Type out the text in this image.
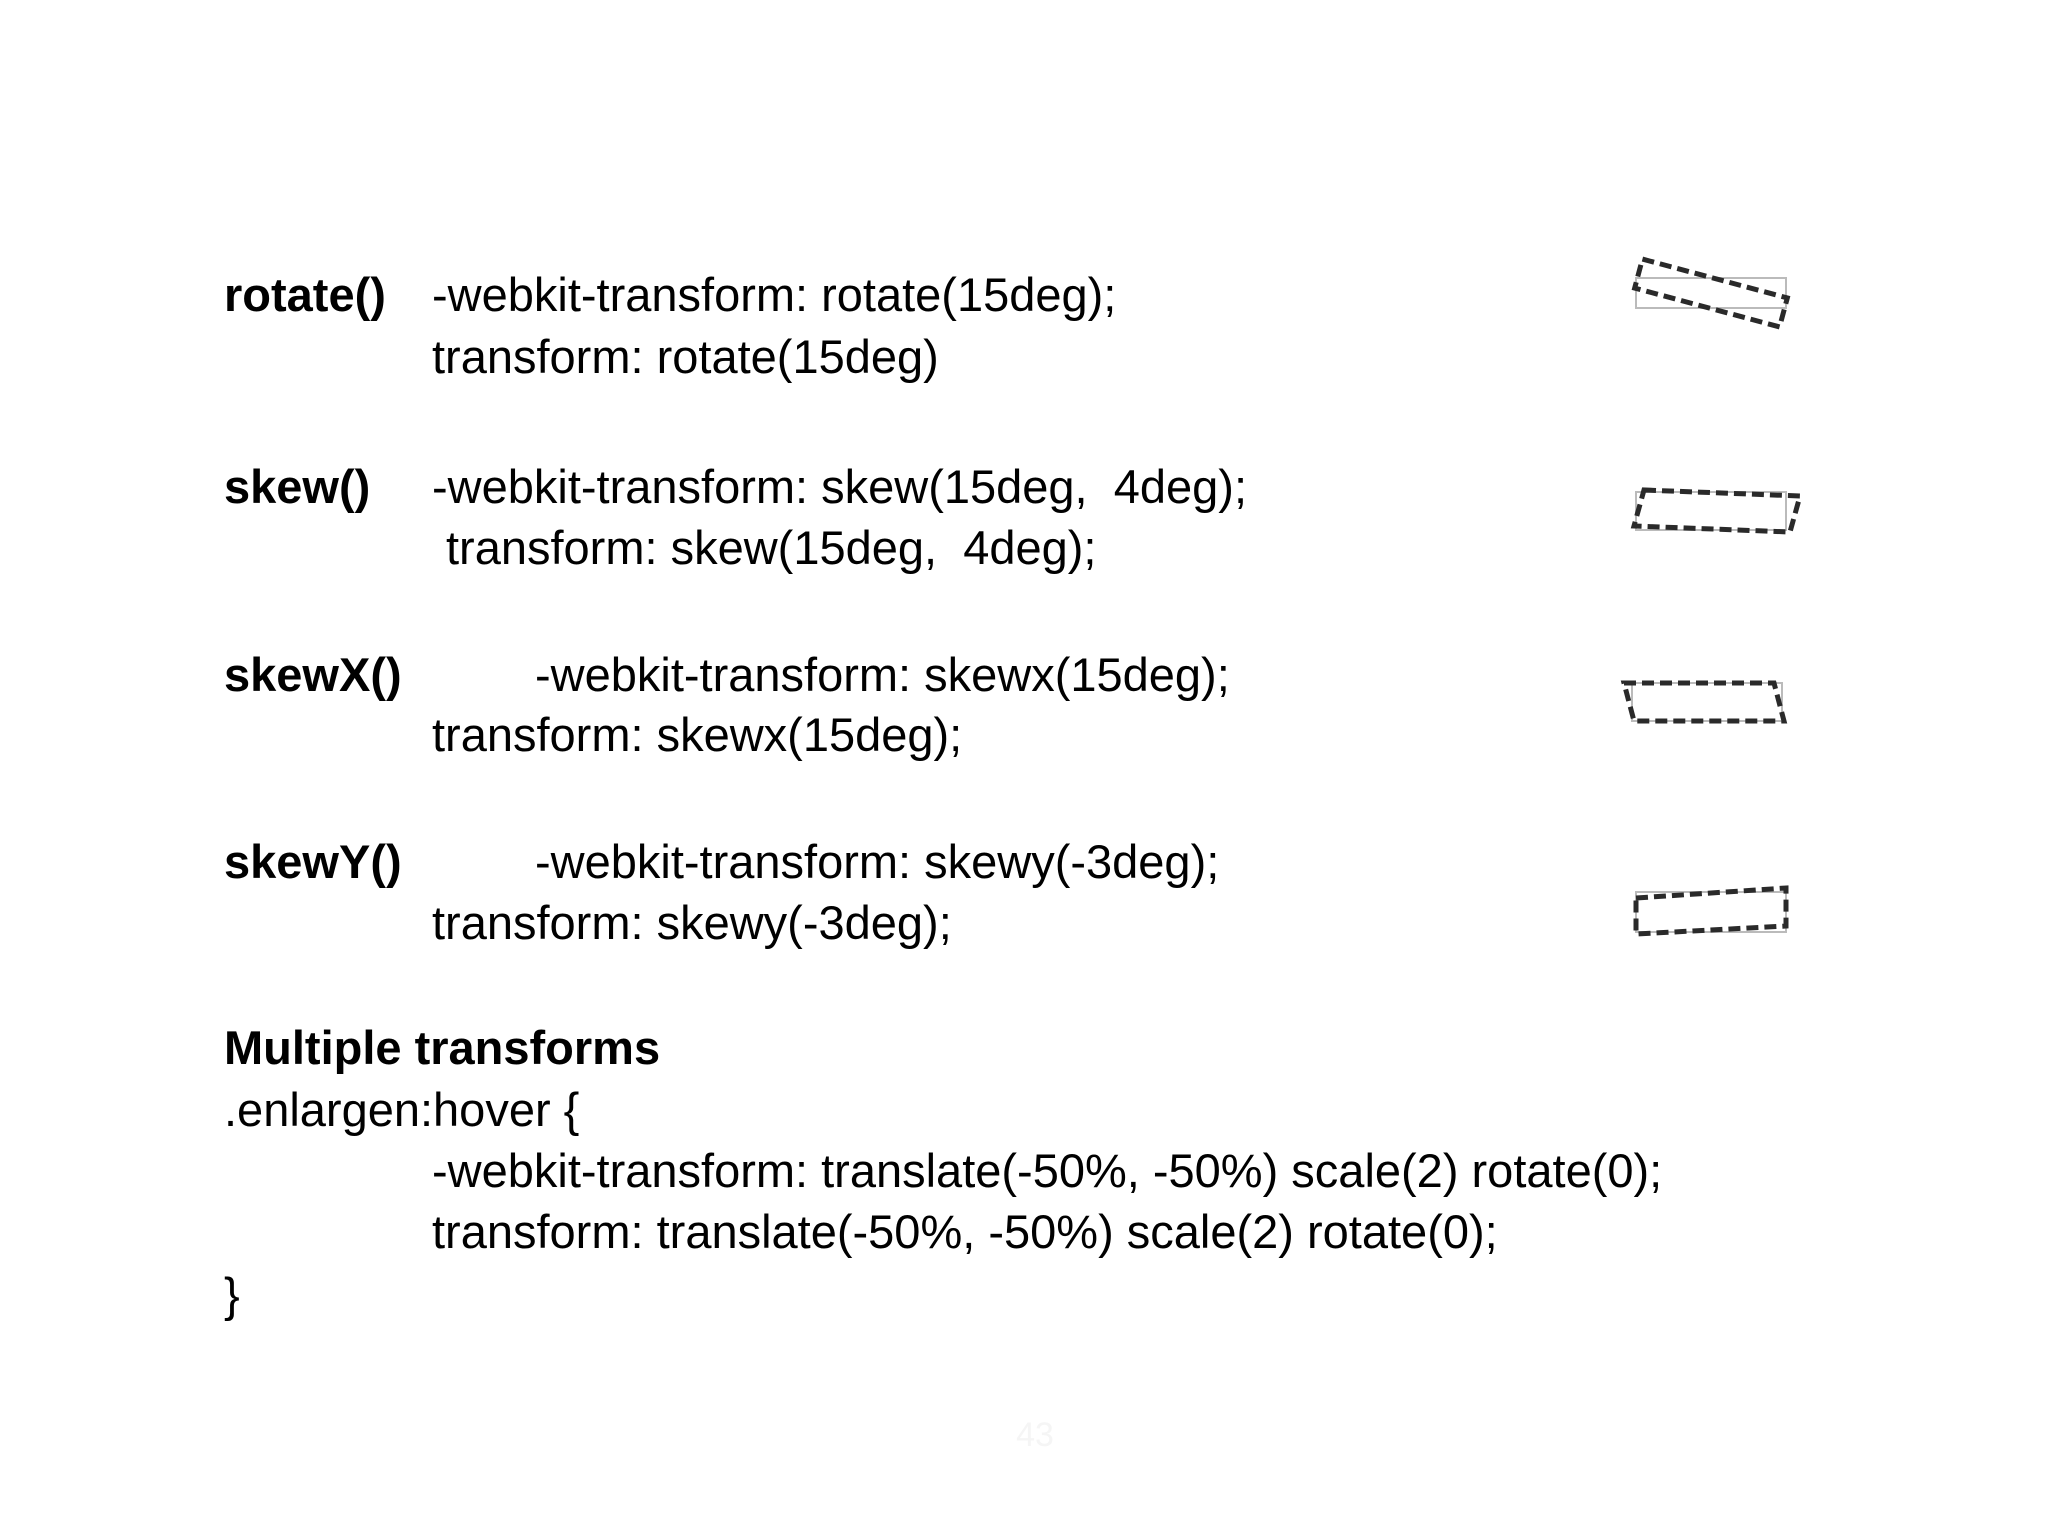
rotate() -webkit-transform: rotate(15deg);
transform: rotate(15deg)
skew() -webkit-transform: skew(15deg,  4deg);
transform: skew(15deg,  4deg);
skewX()	-webkit-transform: skewx(15deg);
transform: skewx(15deg);
skewY()	-webkit-transform: skewy(-3deg);
transform: skewy(-3deg);
Multiple transforms
.enlargen:hover {
-webkit-transform: translate(-50%, -50%) scale(2) rotate(0);
transform: translate(-50%, -50%) scale(2) rotate(0);
}
43
